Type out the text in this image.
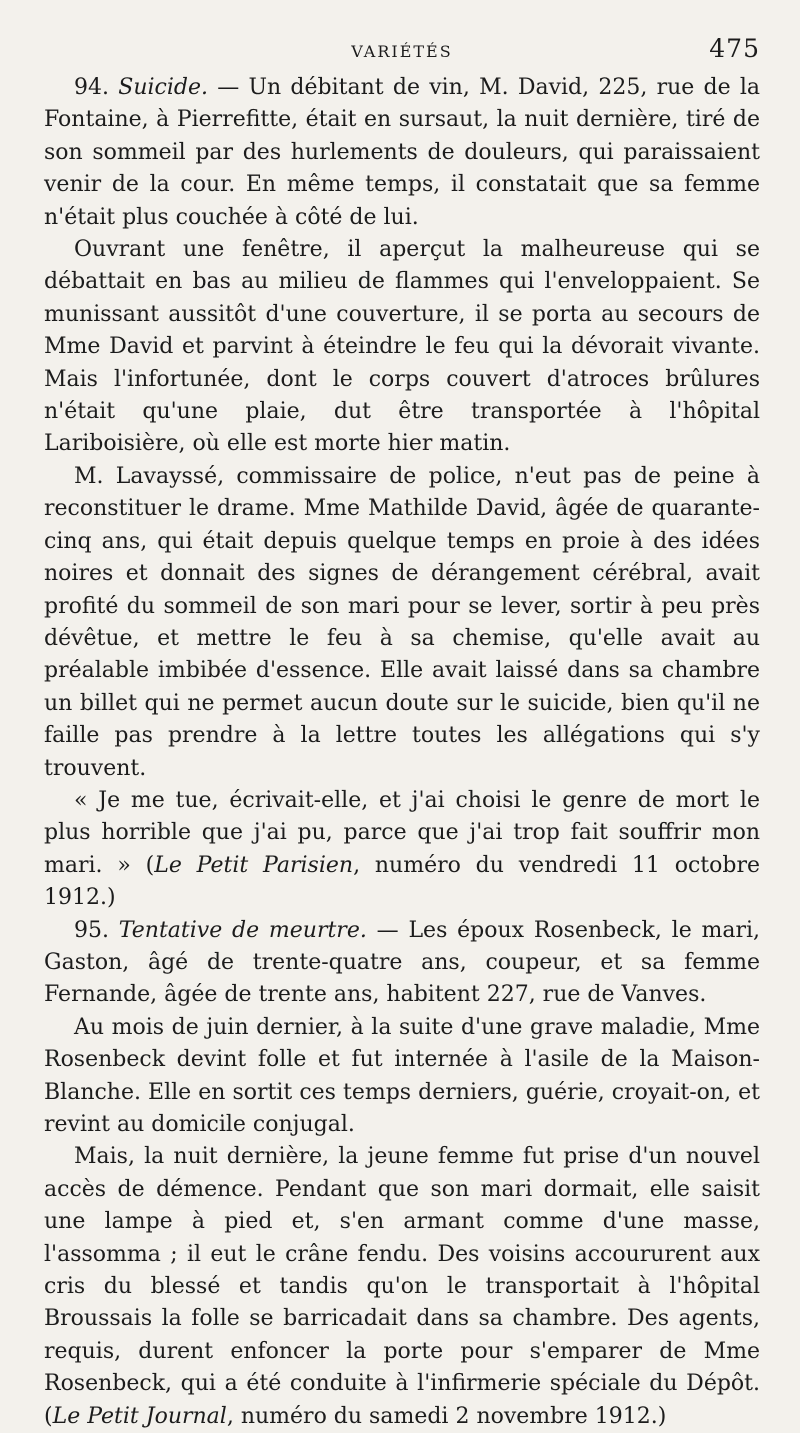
VARIÉTÉS	475

94. Suicide. — Un débitant de vin, M. David, 225, rue de la Fontaine, à Pierrefitte, était en sursaut, la nuit dernière, tiré de son sommeil par des hurlements de douleurs, qui paraissaient venir de la cour. En même temps, il constatait que sa femme n'était plus couchée à côté de lui.

Ouvrant une fenêtre, il aperçut la malheureuse qui se débattait en bas au milieu de flammes qui l'enveloppaient. Se munissant aussitôt d'une couverture, il se porta au secours de Mme David et parvint à éteindre le feu qui la dévorait vivante. Mais l'infortunée, dont le corps couvert d'atroces brûlures n'était qu'une plaie, dut être transportée à l'hôpital Lariboisière, où elle est morte hier matin.

M. Lavayssé, commissaire de police, n'eut pas de peine à reconstituer le drame. Mme Mathilde David, âgée de quarante-cinq ans, qui était depuis quelque temps en proie à des idées noires et donnait des signes de dérangement cérébral, avait profité du sommeil de son mari pour se lever, sortir à peu près dévêtue, et mettre le feu à sa chemise, qu'elle avait au préalable imbibée d'essence. Elle avait laissé dans sa chambre un billet qui ne permet aucun doute sur le suicide, bien qu'il ne faille pas prendre à la lettre toutes les allégations qui s'y trouvent.

« Je me tue, écrivait-elle, et j'ai choisi le genre de mort le plus horrible que j'ai pu, parce que j'ai trop fait souffrir mon mari. » (Le Petit Parisien, numéro du vendredi 11 octobre 1912.)

95. Tentative de meurtre. — Les époux Rosenbeck, le mari, Gaston, âgé de trente-quatre ans, coupeur, et sa femme Fernande, âgée de trente ans, habitent 227, rue de Vanves.

Au mois de juin dernier, à la suite d'une grave maladie, Mme Rosenbeck devint folle et fut internée à l'asile de la Maison-Blanche. Elle en sortit ces temps derniers, guérie, croyait-on, et revint au domicile conjugal.

Mais, la nuit dernière, la jeune femme fut prise d'un nouvel accès de démence. Pendant que son mari dormait, elle saisit une lampe à pied et, s'en armant comme d'une masse, l'assomma ; il eut le crâne fendu. Des voisins accoururent aux cris du blessé et tandis qu'on le transportait à l'hôpital Broussais la folle se barricadait dans sa chambre. Des agents, requis, durent enfoncer la porte pour s'emparer de Mme Rosenbeck, qui a été conduite à l'infirmerie spéciale du Dépôt. (Le Petit Journal, numéro du samedi 2 novembre 1912.)
